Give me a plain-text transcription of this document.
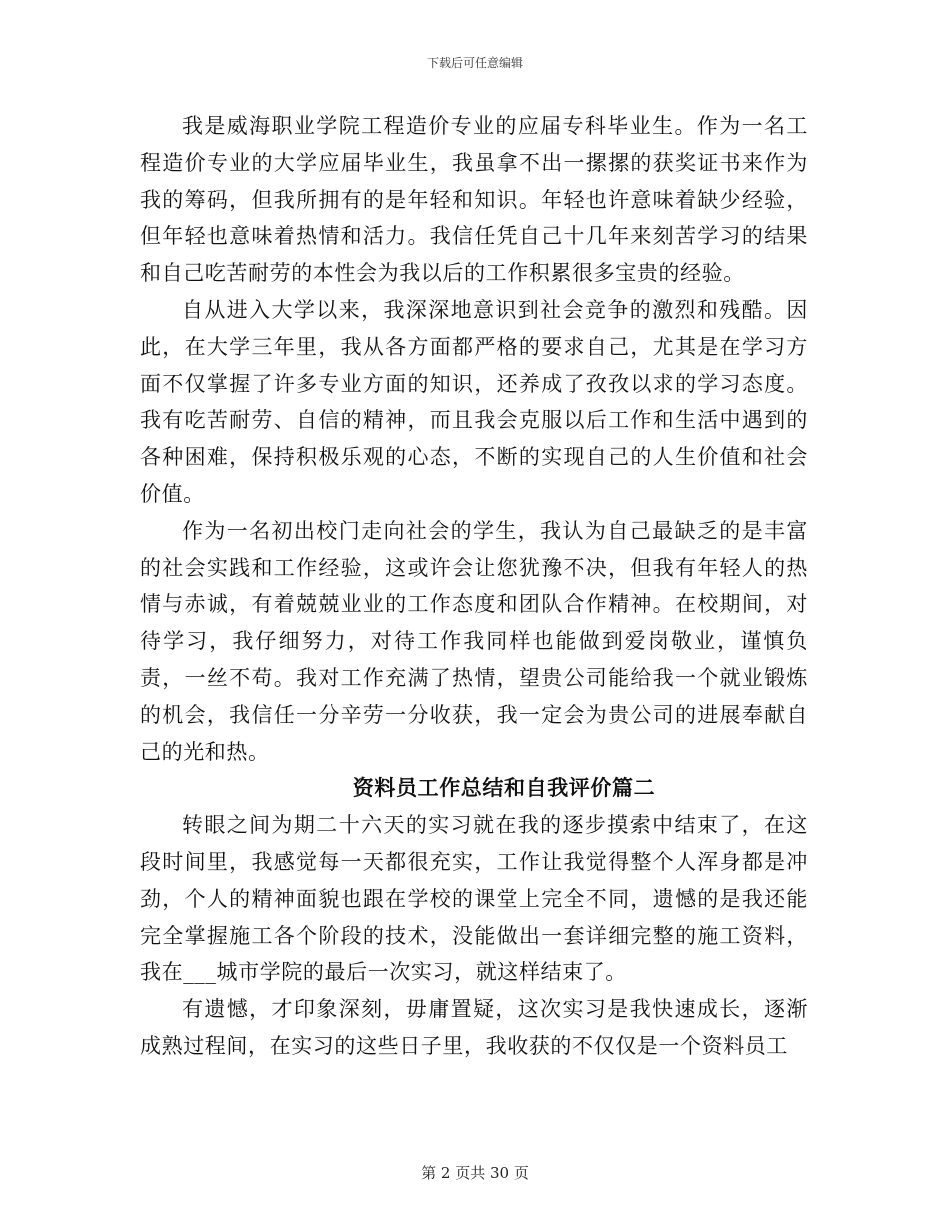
下载后可任意编辑

我是威海职业学院工程造价专业的应届专科毕业生。作为一名工程造价专业的大学应届毕业生，我虽拿不出一摞摞的获奖证书来作为我的筹码，但我所拥有的是年轻和知识。年轻也许意味着缺少经验，但年轻也意味着热情和活力。我信任凭自己十几年来刻苦学习的结果和自己吃苦耐劳的本性会为我以后的工作积累很多宝贵的经验。

自从进入大学以来，我深深地意识到社会竞争的激烈和残酷。因此，在大学三年里，我从各方面都严格的要求自己，尤其是在学习方面不仅掌握了许多专业方面的知识，还养成了孜孜以求的学习态度。我有吃苦耐劳、自信的精神，而且我会克服以后工作和生活中遇到的各种困难，保持积极乐观的心态，不断的实现自己的人生价值和社会价值。

作为一名初出校门走向社会的学生，我认为自己最缺乏的是丰富的社会实践和工作经验，这或许会让您犹豫不决，但我有年轻人的热情与赤诚，有着兢兢业业的工作态度和团队合作精神。在校期间，对待学习，我仔细努力，对待工作我同样也能做到爱岗敬业，谨慎负责，一丝不苟。我对工作充满了热情，望贵公司能给我一个就业锻炼的机会，我信任一分辛劳一分收获，我一定会为贵公司的进展奉献自己的光和热。

资料员工作总结和自我评价篇二

转眼之间为期二十六天的实习就在我的逐步摸索中结束了，在这段时间里，我感觉每一天都很充实，工作让我觉得整个人浑身都是冲劲，个人的精神面貌也跟在学校的课堂上完全不同，遗憾的是我还能完全掌握施工各个阶段的技术，没能做出一套详细完整的施工资料，我在___城市学院的最后一次实习，就这样结束了。

有遗憾，才印象深刻，毋庸置疑，这次实习是我快速成长，逐渐成熟过程间，在实习的这些日子里，我收获的不仅仅是一个资料员工

第 2 页共 30 页
